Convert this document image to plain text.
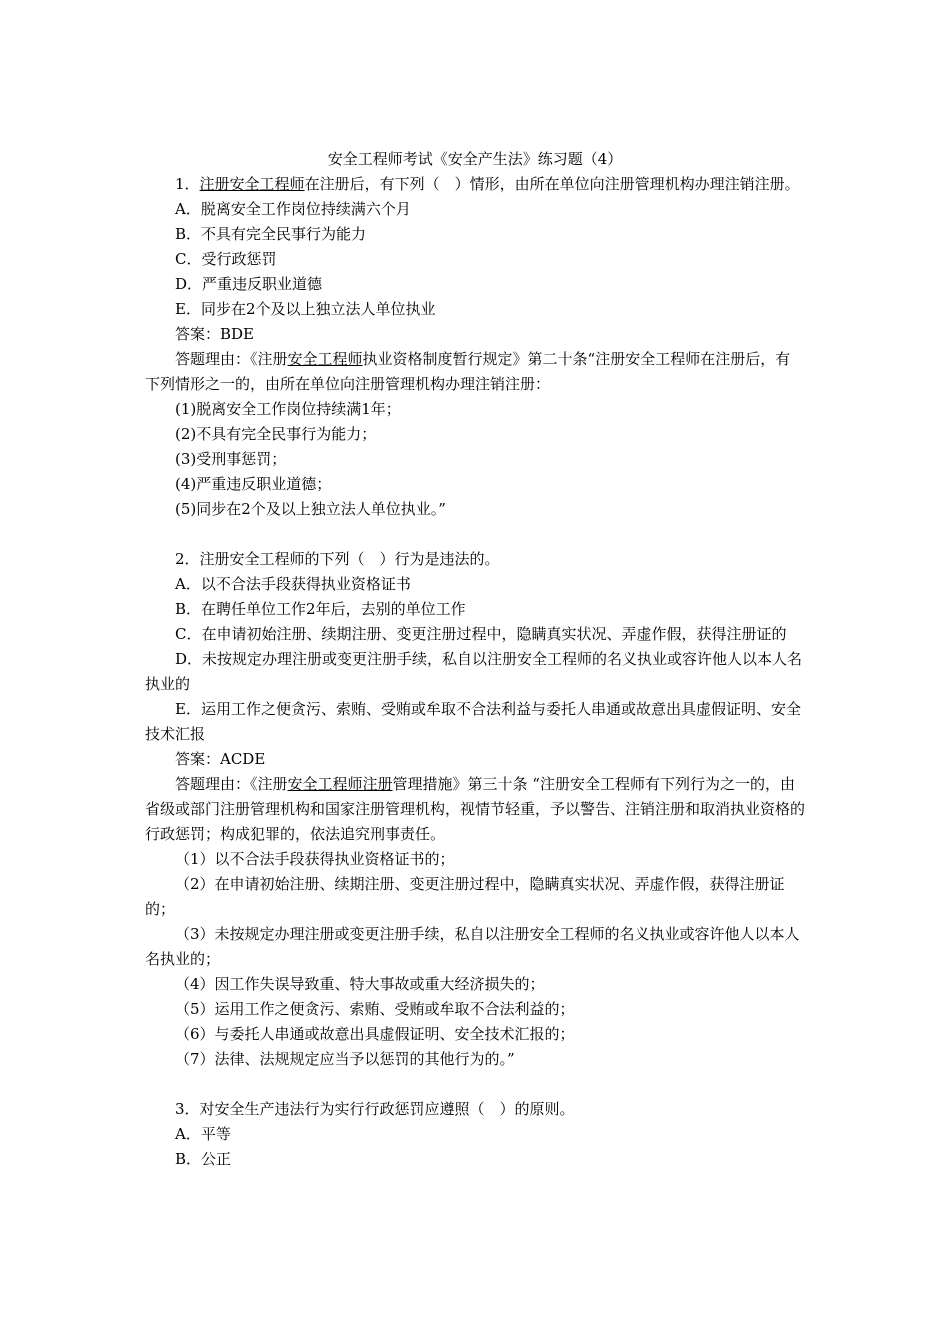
安全工程师考试《安全产生法》练习题（4）

1．注册安全工程师在注册后，有下列（　）情形，由所在单位向注册管理机构办理注销注册。

A．脱离安全工作岗位持续满六个月

B．不具有完全民事行为能力

C．受行政惩罚

D．严重违反职业道德

E．同步在2个及以上独立法人单位执业

答案：BDE

答题理由：《注册安全工程师执业资格制度暂行规定》第二十条“注册安全工程师在注册后，有下列情形之一的，由所在单位向注册管理机构办理注销注册：

(1)脱离安全工作岗位持续满1年；

(2)不具有完全民事行为能力；

(3)受刑事惩罚；

(4)严重违反职业道德；

(5)同步在2个及以上独立法人单位执业。”

2．注册安全工程师的下列（　）行为是违法的。

A．以不合法手段获得执业资格证书

B．在聘任单位工作2年后，去别的单位工作

C．在申请初始注册、续期注册、变更注册过程中，隐瞒真实状况、弄虚作假，获得注册证的

D．未按规定办理注册或变更注册手续，私自以注册安全工程师的名义执业或容许他人以本人名执业的

E．运用工作之便贪污、索贿、受贿或牟取不合法利益与委托人串通或故意出具虚假证明、安全技术汇报

答案：ACDE

答题理由：《注册安全工程师注册管理措施》第三十条 “注册安全工程师有下列行为之一的，由省级或部门注册管理机构和国家注册管理机构，视情节轻重，予以警告、注销注册和取消执业资格的行政惩罚；构成犯罪的，依法追究刑事责任。

（1）以不合法手段获得执业资格证书的；

（2）在申请初始注册、续期注册、变更注册过程中，隐瞒真实状况、弄虚作假，获得注册证的；

（3）未按规定办理注册或变更注册手续，私自以注册安全工程师的名义执业或容许他人以本人名执业的；

（4）因工作失误导致重、特大事故或重大经济损失的；

（5）运用工作之便贪污、索贿、受贿或牟取不合法利益的；

（6）与委托人串通或故意出具虚假证明、安全技术汇报的；

（7）法律、法规规定应当予以惩罚的其他行为的。”

3．对安全生产违法行为实行行政惩罚应遵照（　）的原则。

A．平等

B．公正
